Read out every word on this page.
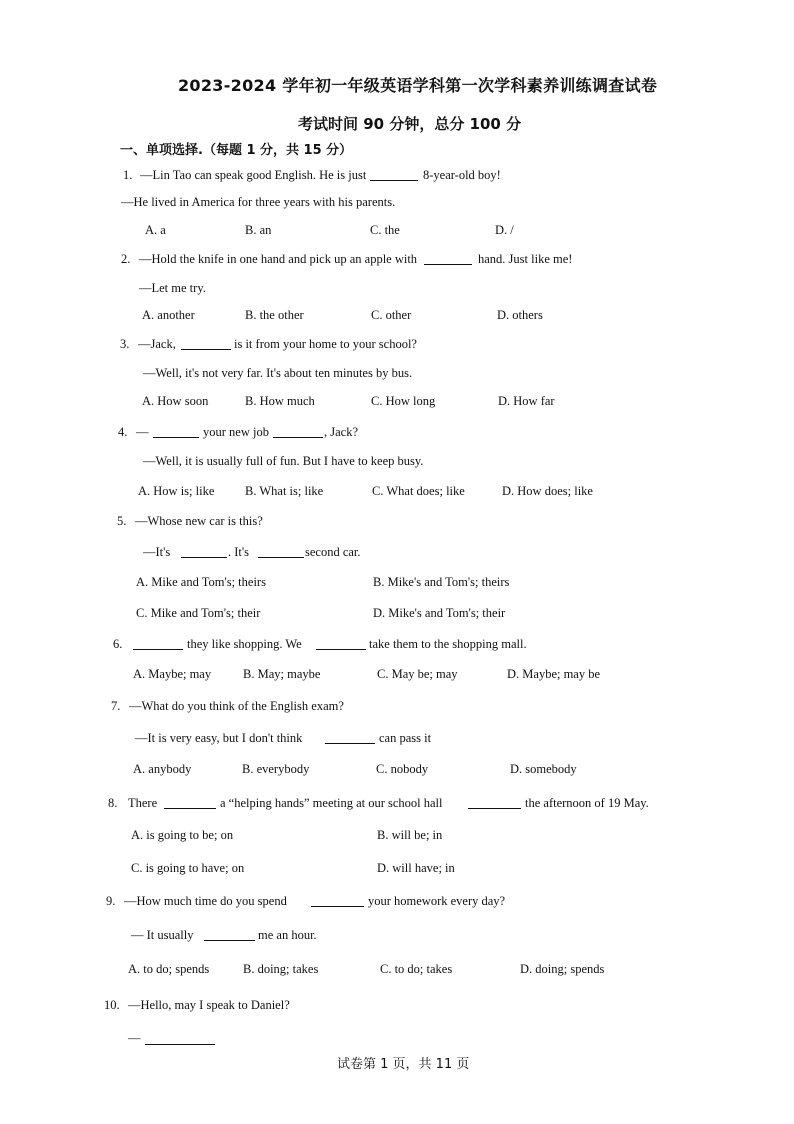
2023-2024 学年初一年级英语学科第一次学科素养训练调查试卷
考试时间 90 分钟，总分 100 分
一、单项选择.（每题 1 分，共 15 分）
1. —Lin Tao can speak good English. He is just	8-year-old boy!
—He lived in America for three years with his parents.
A. a	B. an	C. the	D. /
2. —Hold the knife in one hand and pick up an apple with	hand. Just like me!
—Let me try.
A. another	B. the other	C. other	D. others
3. —Jack,	is it from your home to your school?
—Well, it's not very far. It's about ten minutes by bus.
A. How soon	B. How much	C. How long	D. How far
4. —	your new job	, Jack?
—Well, it is usually full of fun. But I have to keep busy.
A. How is; like B. What is; like	C. What does; like	D. How does; like
5. —Whose new car is this?
—It's	. It's	second car.
A. Mike and Tom's; theirs	B. Mike's and Tom's; theirs
C. Mike and Tom's; their	D. Mike's and Tom's; their
6.	they like shopping. We	take them to the shopping mall.
A. Maybe; may	B. May; maybe	C. May be; may	D. Maybe; may be
7. —What do you think of the English exam?
—It is very easy, but I don't think	can pass it
A. anybody	B. everybody	C. nobody	D. somebody
8. There	a “helping hands” meeting at our school hall	the afternoon of 19 May.
A. is going to be; on	B. will be; in
C. is going to have; on	D. will have; in
9. —How much time do you spend	your homework every day?
— It usually	me an hour.
A. to do; spends	B. doing; takes	C. to do; takes	D. doing; spends
10. —Hello, may I speak to Daniel?
—
试卷第 1 页，共 11 页
